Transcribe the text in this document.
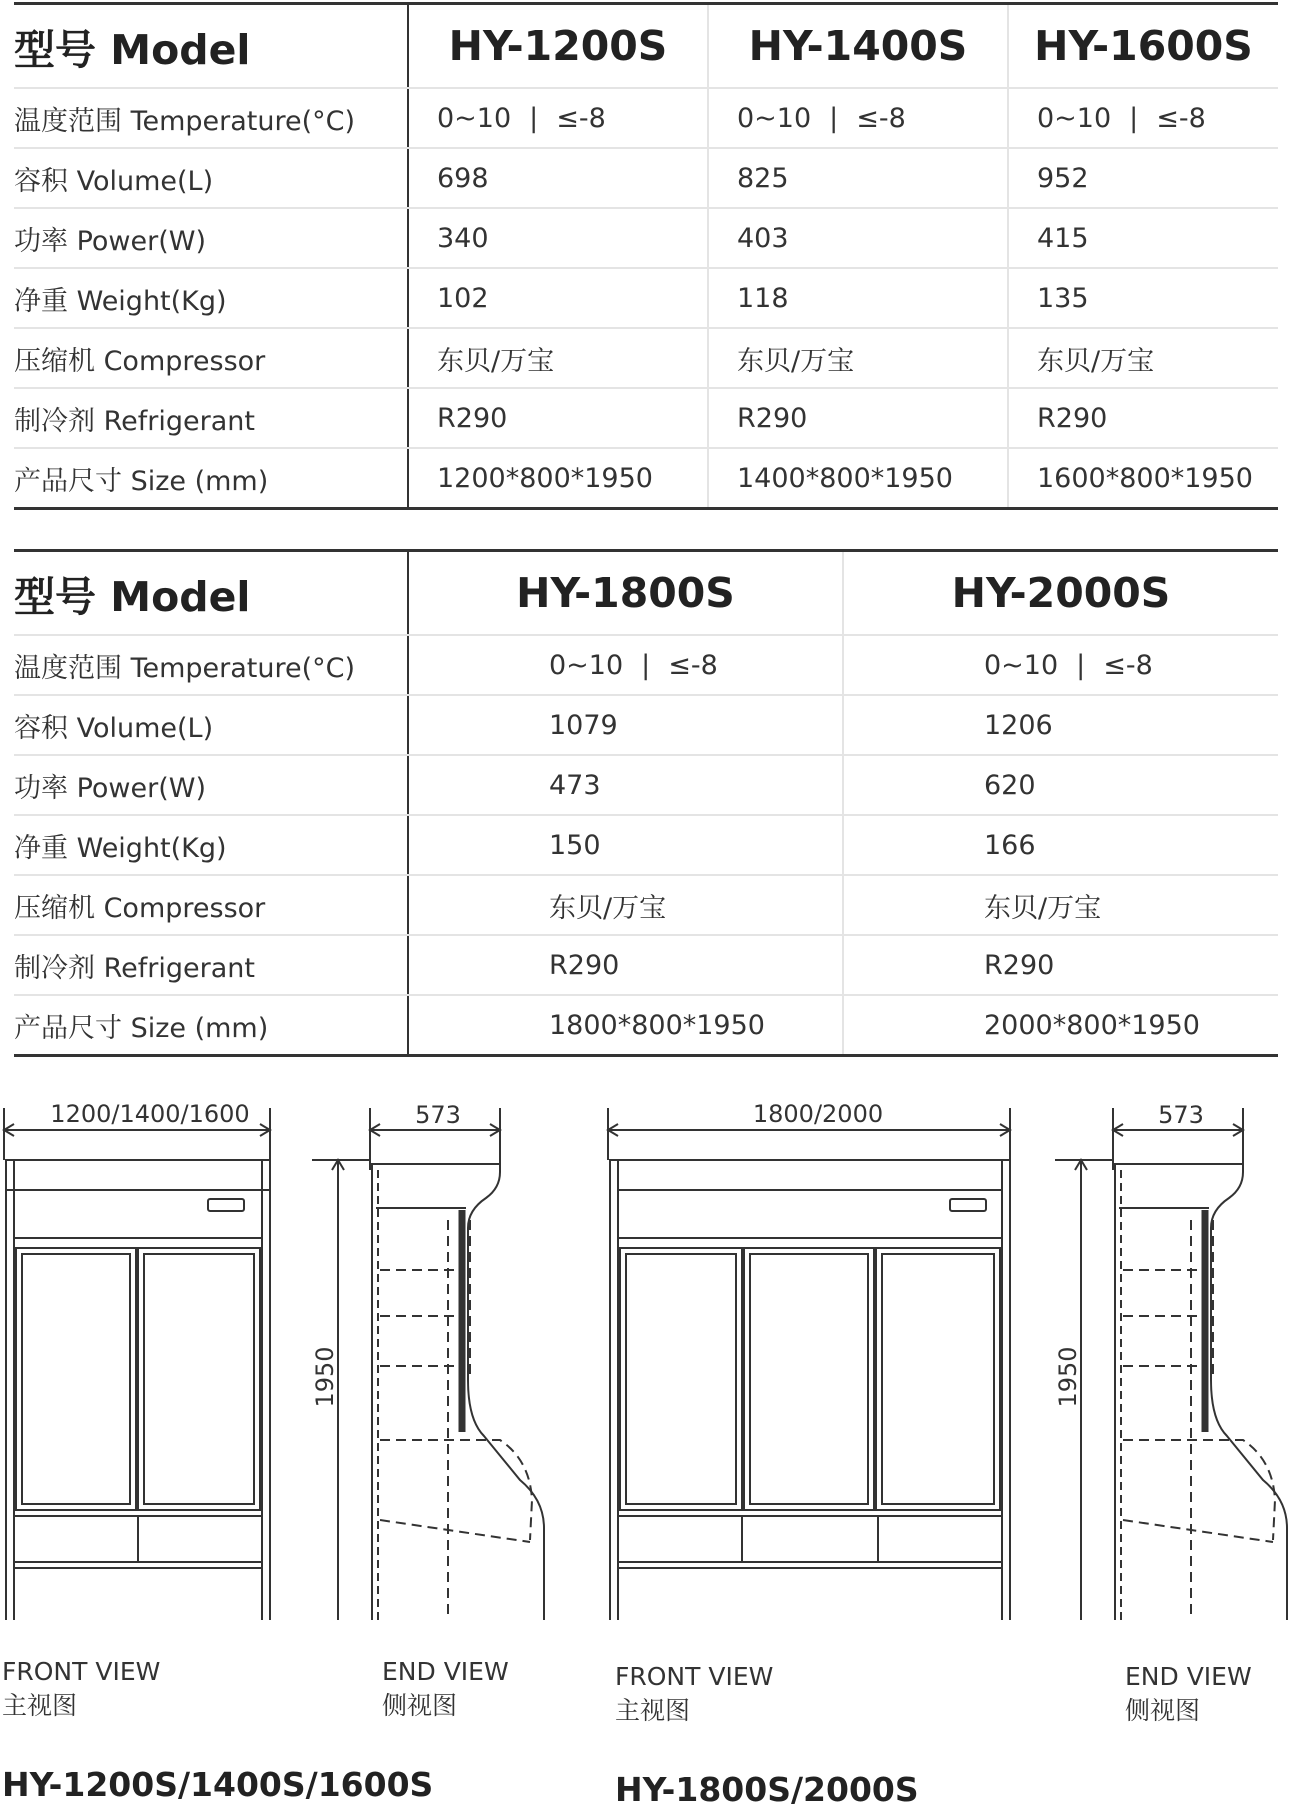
型号 Model	HY-1200S	HY-1400S	HY-1600S
温度范围 Temperature(°C)	0~10 | ≤-8	0~10 | ≤-8	0~10 | ≤-8
容积 Volume(L)	698	825	952
功率 Power(W)	340	403	415
净重 Weight(Kg)	102	118	135
压缩机 Compressor	东贝/万宝	东贝/万宝	东贝/万宝
制冷剂 Refrigerant	R290	R290	R290
产品尺寸 Size (mm)	1200*800*1950	1400*800*1950	1600*800*1950
型号 Model	HY-1800S	HY-2000S
温度范围 Temperature(°C)	0~10 | ≤-8	0~10 | ≤-8
容积 Volume(L)	1079	1206
功率 Power(W)	473	620
净重 Weight(Kg)	150	166
压缩机 Compressor	东贝/万宝	东贝/万宝
制冷剂 Refrigerant	R290	R290
产品尺寸 Size (mm)	1800*800*1950	2000*800*1950
1200/1400/1600	573
1950
1800/2000	573
1950
FRONT VIEW
主视图
END VIEW
侧视图
FRONT VIEW
主视图
END VIEW
侧视图
HY-1200S/1400S/1600S	HY-1800S/2000S
